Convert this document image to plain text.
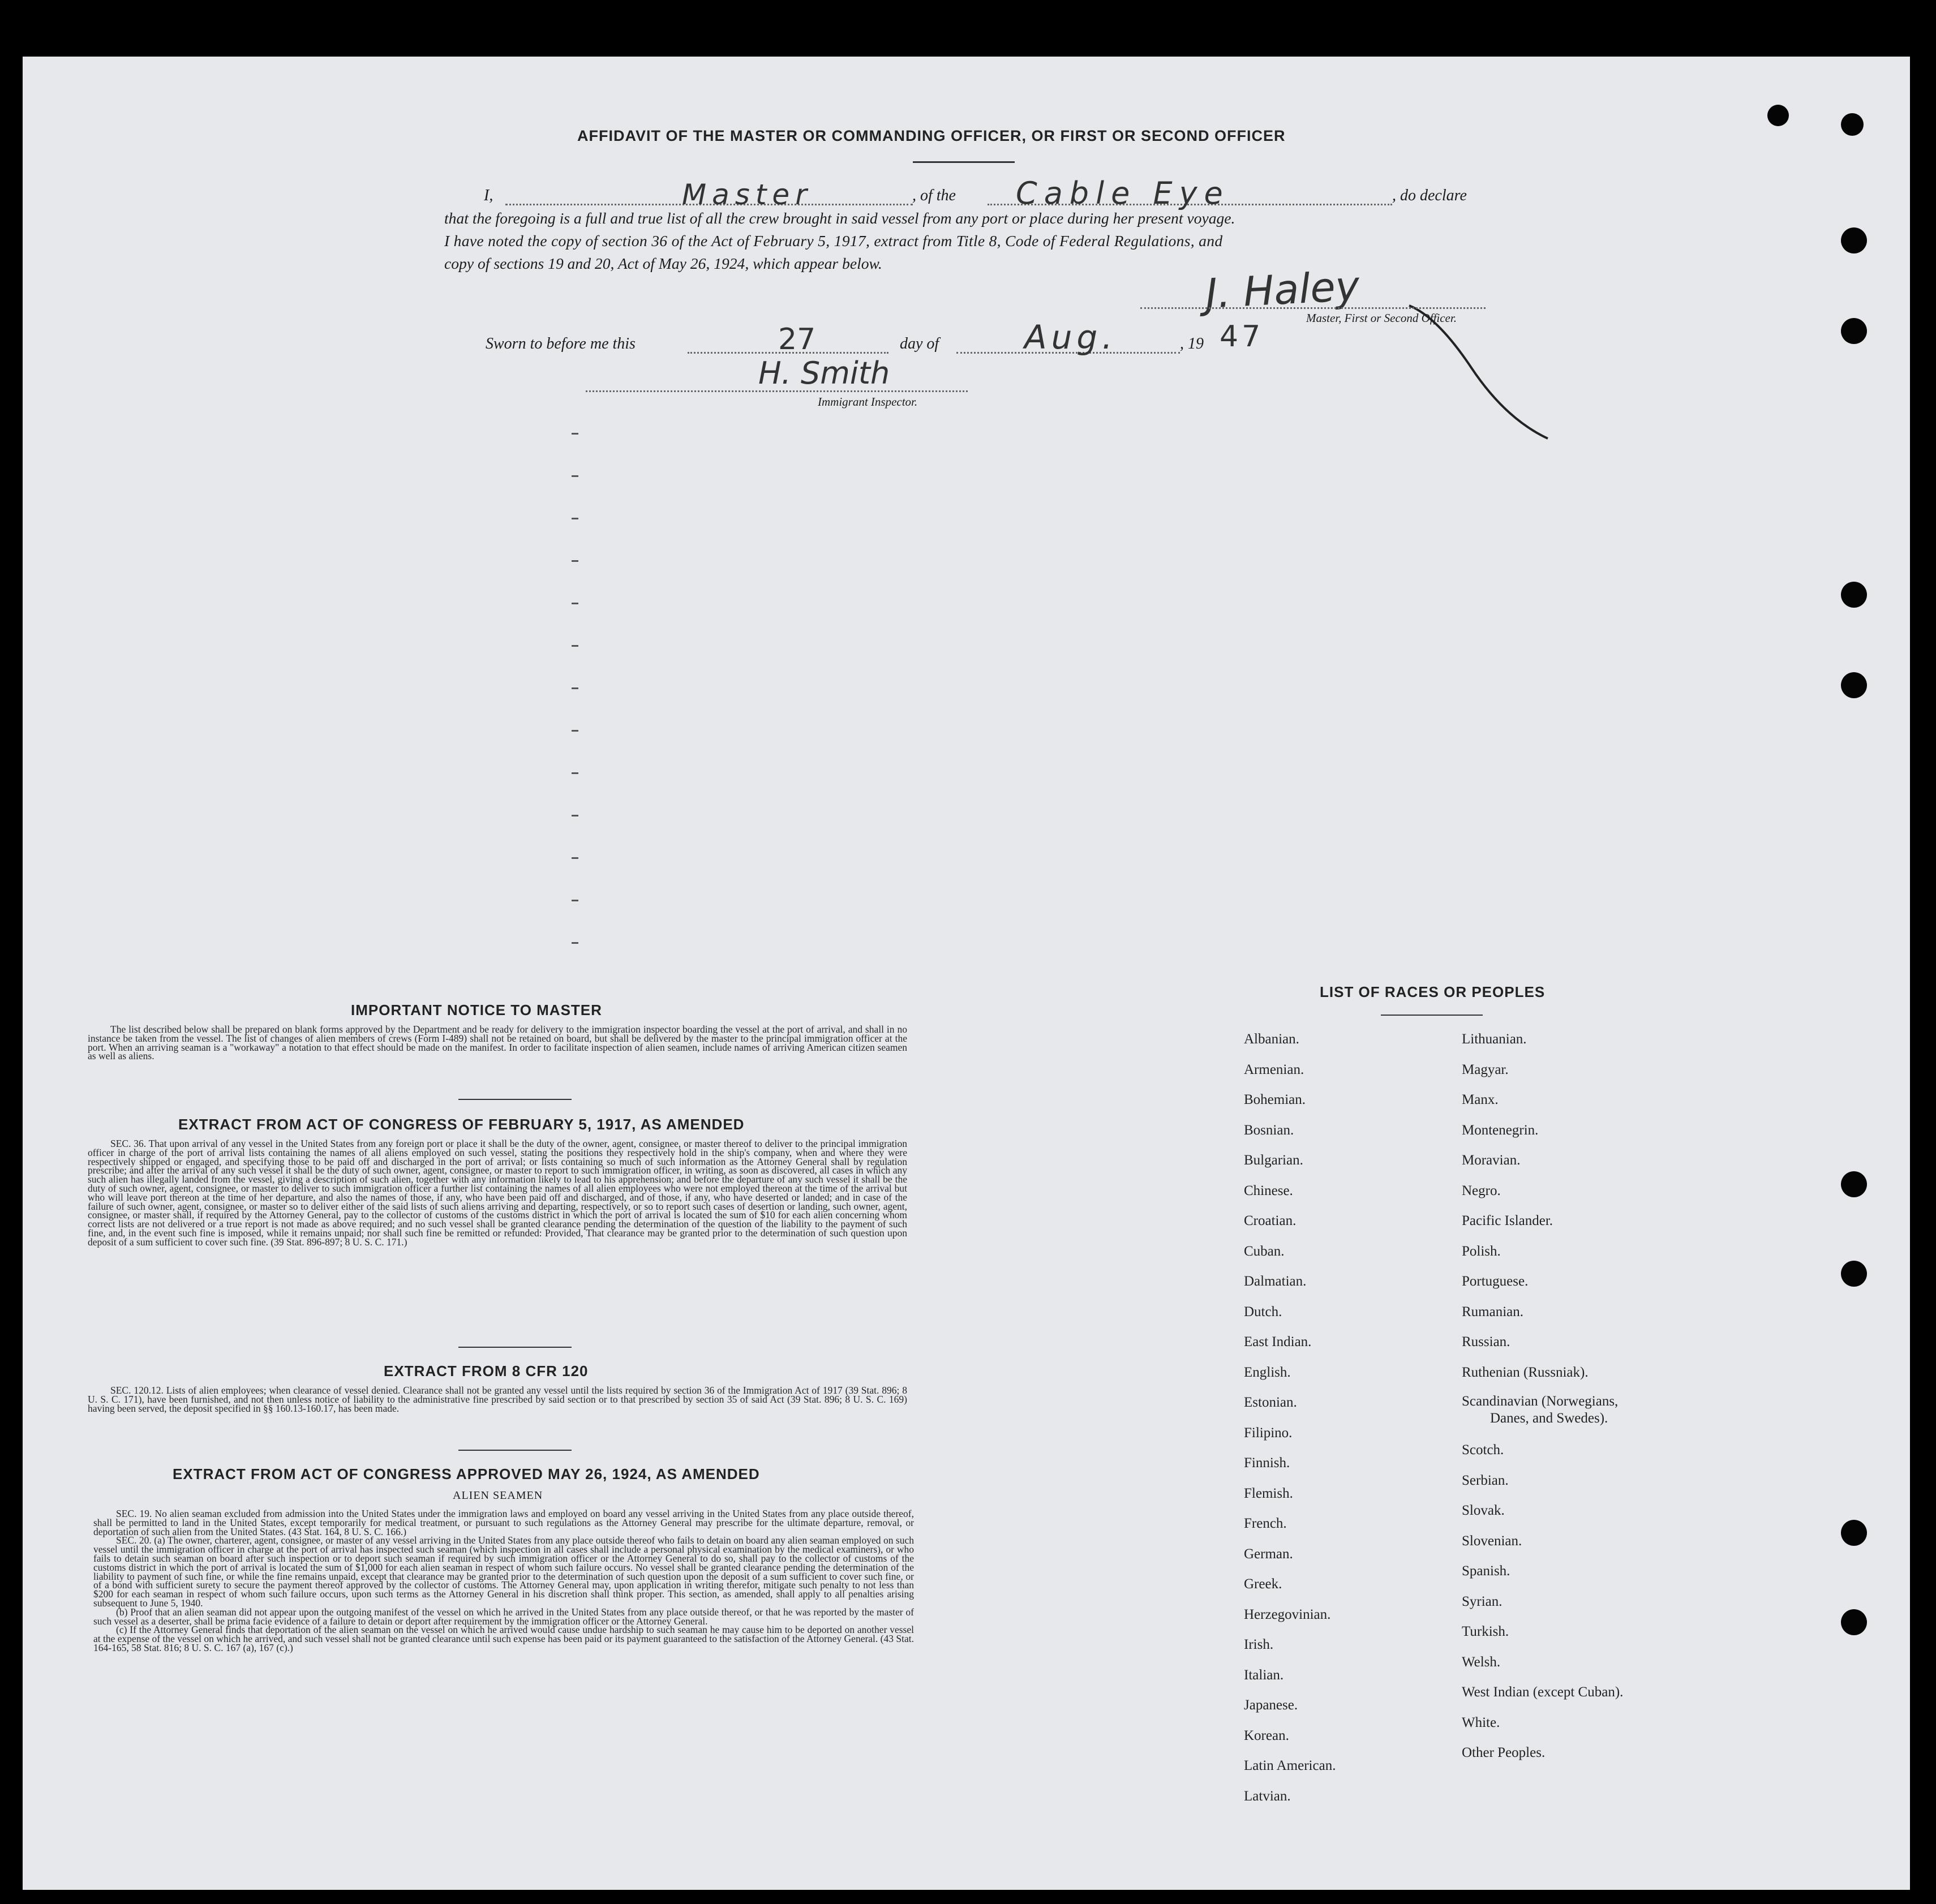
AFFIDAVIT OF THE MASTER OR COMMANDING OFFICER, OR FIRST OR SECOND OFFICER
I,	Master	, of the Cable Eye	, do declare
that the foregoing is a full and true list of all the crew brought in said vessel from any port or place during her present voyage.
I have noted the copy of section 36 of the Act of February 5, 1917, extract from Title 8, Code of Federal Regulations, and
copy of sections 19 and 20, Act of May 26, 1924, which appear below.	J. Haley
Master, First or Second Officer.
Sworn to before me this	27	day of	Aug.	, 19 47
H. Smith
Immigrant Inspector.
IMPORTANT NOTICE TO MASTER

The list described below shall be prepared on blank forms approved by the Department and be ready for delivery to the immigration inspector boarding the vessel at the port of arrival, and shall in no instance be taken from the vessel. The list of changes of alien members of crews (Form I-489) shall not be retained on board, but shall be delivered by the master to the principal immigration officer at the port. When an arriving seaman is a "workaway" a notation to that effect should be made on the manifest. In order to facilitate inspection of alien seamen, include names of arriving American citizen seamen as well as aliens.

EXTRACT FROM ACT OF CONGRESS OF FEBRUARY 5, 1917, AS AMENDED

SEC. 36. That upon arrival of any vessel in the United States from any foreign port or place it shall be the duty of the owner, agent, consignee, or master thereof to deliver to the principal immigration officer in charge of the port of arrival lists containing the names of all aliens employed on such vessel, stating the positions they respectively hold in the ship's company, when and where they were respectively shipped or engaged, and specifying those to be paid off and discharged in the port of arrival; or lists containing so much of such information as the Attorney General shall by regulation prescribe; and after the arrival of any such vessel it shall be the duty of such owner, agent, consignee, or master to report to such immigration officer, in writing, as soon as discovered, all cases in which any such alien has illegally landed from the vessel, giving a description of such alien, together with any information likely to lead to his apprehension; and before the departure of any such vessel it shall be the duty of such owner, agent, consignee, or master to deliver to such immigration officer a further list containing the names of all alien employees who were not employed thereon at the time of the arrival but who will leave port thereon at the time of her departure, and also the names of those, if any, who have been paid off and discharged, and of those, if any, who have deserted or landed; and in case of the failure of such owner, agent, consignee, or master so to deliver either of the said lists of such aliens arriving and departing, respectively, or so to report such cases of desertion or landing, such owner, agent, consignee, or master shall, if required by the Attorney General, pay to the collector of customs of the customs district in which the port of arrival is located the sum of $10 for each alien concerning whom correct lists are not delivered or a true report is not made as above required; and no such vessel shall be granted clearance pending the determination of the question of the liability to the payment of such fine, and, in the event such fine is imposed, while it remains unpaid; nor shall such fine be remitted or refunded: Provided, That clearance may be granted prior to the determination of such question upon deposit of a sum sufficient to cover such fine. (39 Stat. 896-897; 8 U. S. C. 171.)

EXTRACT FROM 8 CFR 120

SEC. 120.12. Lists of alien employees; when clearance of vessel denied. Clearance shall not be granted any vessel until the lists required by section 36 of the Immigration Act of 1917 (39 Stat. 896; 8 U. S. C. 171), have been furnished, and not then unless notice of liability to the administrative fine prescribed by said section or to that prescribed by section 35 of said Act (39 Stat. 896; 8 U. S. C. 169) having been served, the deposit specified in §§ 160.13-160.17, has been made.

EXTRACT FROM ACT OF CONGRESS APPROVED MAY 26, 1924, AS AMENDED
ALIEN SEAMEN

SEC. 19. No alien seaman excluded from admission into the United States under the immigration laws and employed on board any vessel arriving in the United States from any place outside thereof, shall be permitted to land in the United States, except temporarily for medical treatment, or pursuant to such regulations as the Attorney General may prescribe for the ultimate departure, removal, or deportation of such alien from the United States. (43 Stat. 164, 8 U. S. C. 166.)

SEC. 20. (a) The owner, charterer, agent, consignee, or master of any vessel arriving in the United States from any place outside thereof who fails to detain on board any alien seaman employed on such vessel until the immigration officer in charge at the port of arrival has inspected such seaman (which inspection in all cases shall include a personal physical examination by the medical examiners), or who fails to detain such seaman on board after such inspection or to deport such seaman if required by such immigration officer or the Attorney General to do so, shall pay to the collector of customs of the customs district in which the port of arrival is located the sum of $1,000 for each alien seaman in respect of whom such failure occurs. No vessel shall be granted clearance pending the determination of the liability to payment of such fine, or while the fine remains unpaid, except that clearance may be granted prior to the determination of such question upon the deposit of a sum sufficient to cover such fine, or of a bond with sufficient surety to secure the payment thereof approved by the collector of customs. The Attorney General may, upon application in writing therefor, mitigate such penalty to not less than $200 for each seaman in respect of whom such failure occurs, upon such terms as the Attorney General in his discretion shall think proper. This section, as amended, shall apply to all penalties arising subsequent to June 5, 1940.

(b) Proof that an alien seaman did not appear upon the outgoing manifest of the vessel on which he arrived in the United States from any place outside thereof, or that he was reported by the master of such vessel as a deserter, shall be prima facie evidence of a failure to detain or deport after requirement by the immigration officer or the Attorney General.

(c) If the Attorney General finds that deportation of the alien seaman on the vessel on which he arrived would cause undue hardship to such seaman he may cause him to be deported on another vessel at the expense of the vessel on which he arrived, and such vessel shall not be granted clearance until such expense has been paid or its payment guaranteed to the satisfaction of the Attorney General. (43 Stat. 164-165, 58 Stat. 816; 8 U. S. C. 167 (a), 167 (c).)

LIST OF RACES OR PEOPLES
Albanian.
Armenian.
Bohemian.
Bosnian.
Bulgarian.
Chinese.
Croatian.
Cuban.
Dalmatian.
Dutch.
East Indian.
English.
Estonian.
Filipino.
Finnish.
Flemish.
French.
German.
Greek.
Herzegovinian.
Irish.
Italian.
Japanese.
Korean.
Latin American.
Latvian.
Lithuanian.
Magyar.
Manx.
Montenegrin.
Moravian.
Negro.
Pacific Islander.
Polish.
Portuguese.
Rumanian.
Russian.
Ruthenian (Russniak).
Scandinavian (Norwegians,
Danes, and Swedes).
Scotch.
Serbian.
Slovak.
Slovenian.
Spanish.
Syrian.
Turkish.
Welsh.
West Indian (except Cuban).
White.
Other Peoples.
